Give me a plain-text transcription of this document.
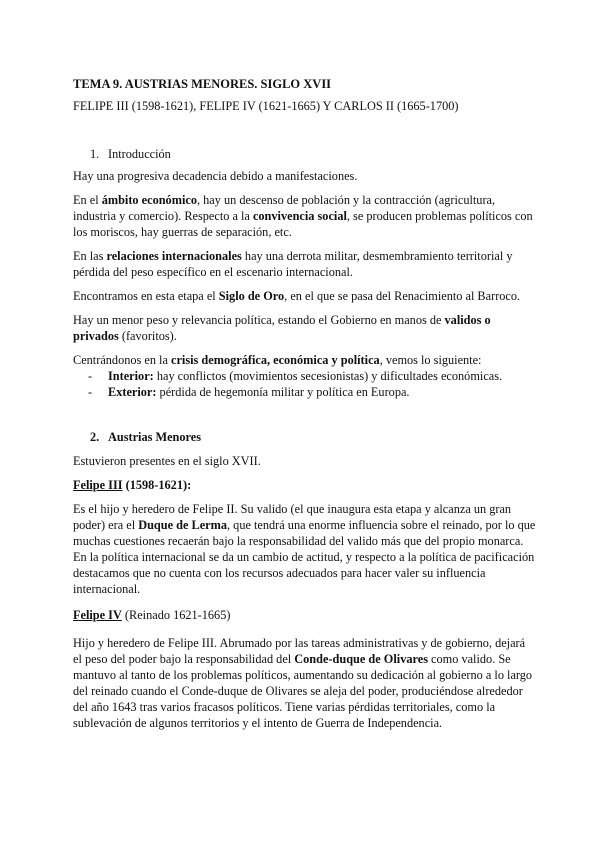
TEMA 9. AUSTRIAS MENORES. SIGLO XVII
FELIPE III (1598-1621), FELIPE IV (1621-1665) Y CARLOS II (1665-1700)
1. Introducción
Hay una progresiva decadencia debido a manifestaciones.
En el ámbito económico, hay un descenso de población y la contracción (agricultura,
industria y comercio). Respecto a la convivencia social, se producen problemas políticos con
los moriscos, hay guerras de separación, etc.
En las relaciones internacionales hay una derrota militar, desmembramiento territorial y
pérdida del peso específico en el escenario internacional.
Encontramos en esta etapa el Siglo de Oro, en el que se pasa del Renacimiento al Barroco.
Hay un menor peso y relevancia política, estando el Gobierno en manos de validos o
privados (favoritos).
Centrándonos en la crisis demográfica, económica y política, vemos lo siguiente:
- Interior: hay conflictos (movimientos secesionistas) y dificultades económicas.
- Exterior: pérdida de hegemonía militar y política en Europa.
2. Austrias Menores
Estuvieron presentes en el siglo XVII.
Felipe III (1598-1621):
Es el hijo y heredero de Felipe II. Su valido (el que inaugura esta etapa y alcanza un gran
poder) era el Duque de Lerma, que tendrá una enorme influencia sobre el reinado, por lo que
muchas cuestiones recaerán bajo la responsabilidad del valido más que del propio monarca.
En la política internacional se da un cambio de actitud, y respecto a la política de pacificación
destacamos que no cuenta con los recursos adecuados para hacer valer su influencia
internacional.
Felipe IV (Reinado 1621-1665)
Hijo y heredero de Felipe III. Abrumado por las tareas administrativas y de gobierno, dejará
el peso del poder bajo la responsabilidad del Conde-duque de Olivares como valido. Se
mantuvo al tanto de los problemas políticos, aumentando su dedicación al gobierno a lo largo
del reinado cuando el Conde-duque de Olivares se aleja del poder, produciéndose alrededor
del año 1643 tras varios fracasos políticos. Tiene varias pérdidas territoriales, como la
sublevación de algunos territorios y el intento de Guerra de Independencia.
